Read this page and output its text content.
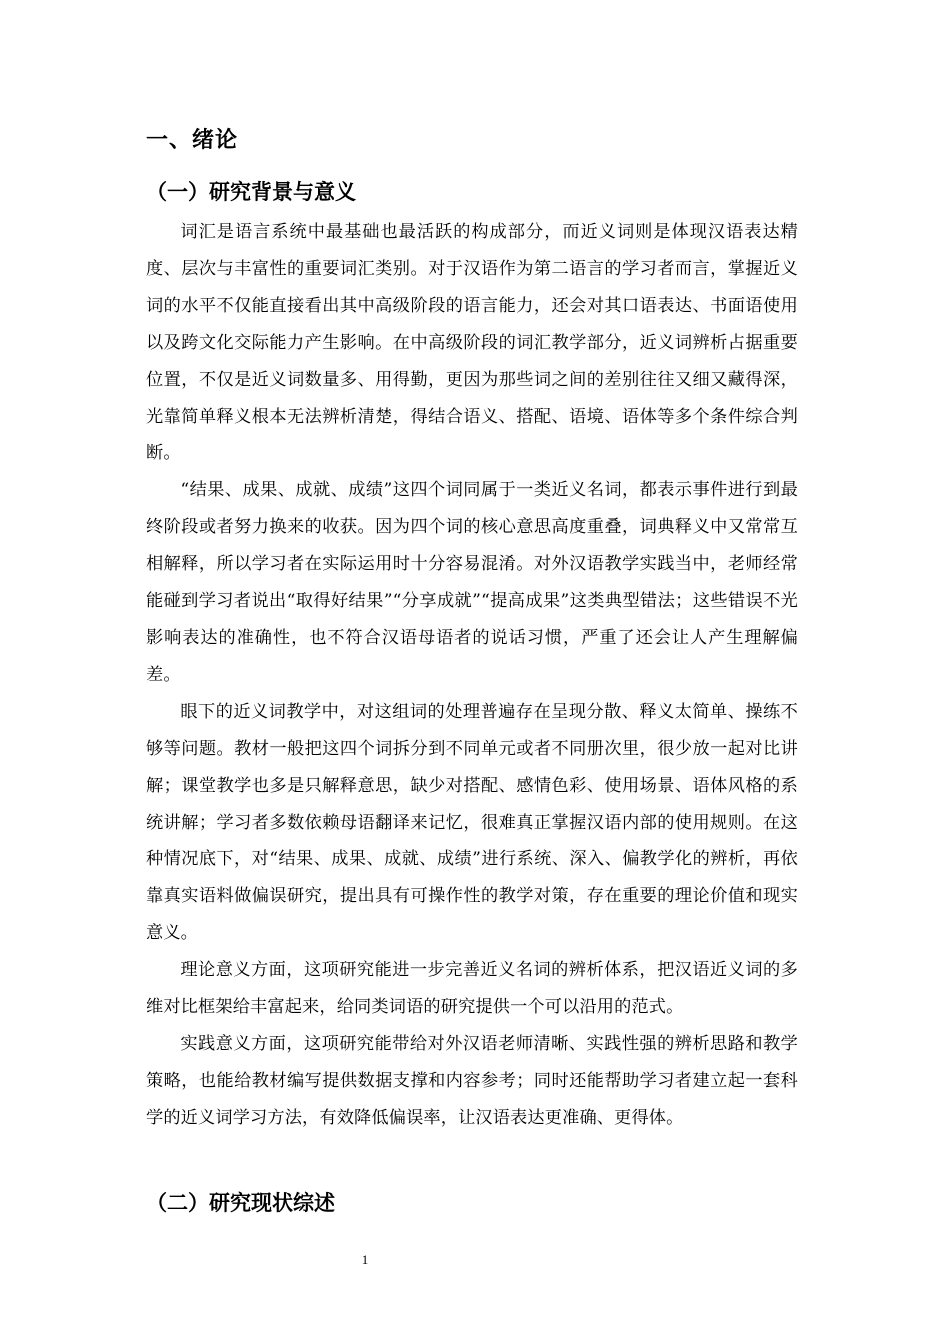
一、绪论
（一）研究背景与意义

词汇是语言系统中最基础也最活跃的构成部分，而近义词则是体现汉语表达精度、层次与丰富性的重要词汇类别。对于汉语作为第二语言的学习者而言，掌握近义词的水平不仅能直接看出其中高级阶段的语言能力，还会对其口语表达、书面语使用以及跨文化交际能力产生影响。在中高级阶段的词汇教学部分，近义词辨析占据重要位置，不仅是近义词数量多、用得勤，更因为那些词之间的差别往往又细又藏得深，光靠简单释义根本无法辨析清楚，得结合语义、搭配、语境、语体等多个条件综合判断。

“结果、成果、成就、成绩”这四个词同属于一类近义名词，都表示事件进行到最终阶段或者努力换来的收获。因为四个词的核心意思高度重叠，词典释义中又常常互相解释，所以学习者在实际运用时十分容易混淆。对外汉语教学实践当中，老师经常能碰到学习者说出“取得好结果”“分享成就”“提高成果”这类典型错法；这些错误不光影响表达的准确性，也不符合汉语母语者的说话习惯，严重了还会让人产生理解偏差。

眼下的近义词教学中，对这组词的处理普遍存在呈现分散、释义太简单、操练不够等问题。教材一般把这四个词拆分到不同单元或者不同册次里，很少放一起对比讲解；课堂教学也多是只解释意思，缺少对搭配、感情色彩、使用场景、语体风格的系统讲解；学习者多数依赖母语翻译来记忆，很难真正掌握汉语内部的使用规则。在这种情况底下，对“结果、成果、成就、成绩”进行系统、深入、偏教学化的辨析，再依靠真实语料做偏误研究，提出具有可操作性的教学对策，存在重要的理论价值和现实意义。

理论意义方面，这项研究能进一步完善近义名词的辨析体系，把汉语近义词的多维对比框架给丰富起来，给同类词语的研究提供一个可以沿用的范式。

实践意义方面，这项研究能带给对外汉语老师清晰、实践性强的辨析思路和教学策略，也能给教材编写提供数据支撑和内容参考；同时还能帮助学习者建立起一套科学的近义词学习方法，有效降低偏误率，让汉语表达更准确、更得体。

（二）研究现状综述
1
